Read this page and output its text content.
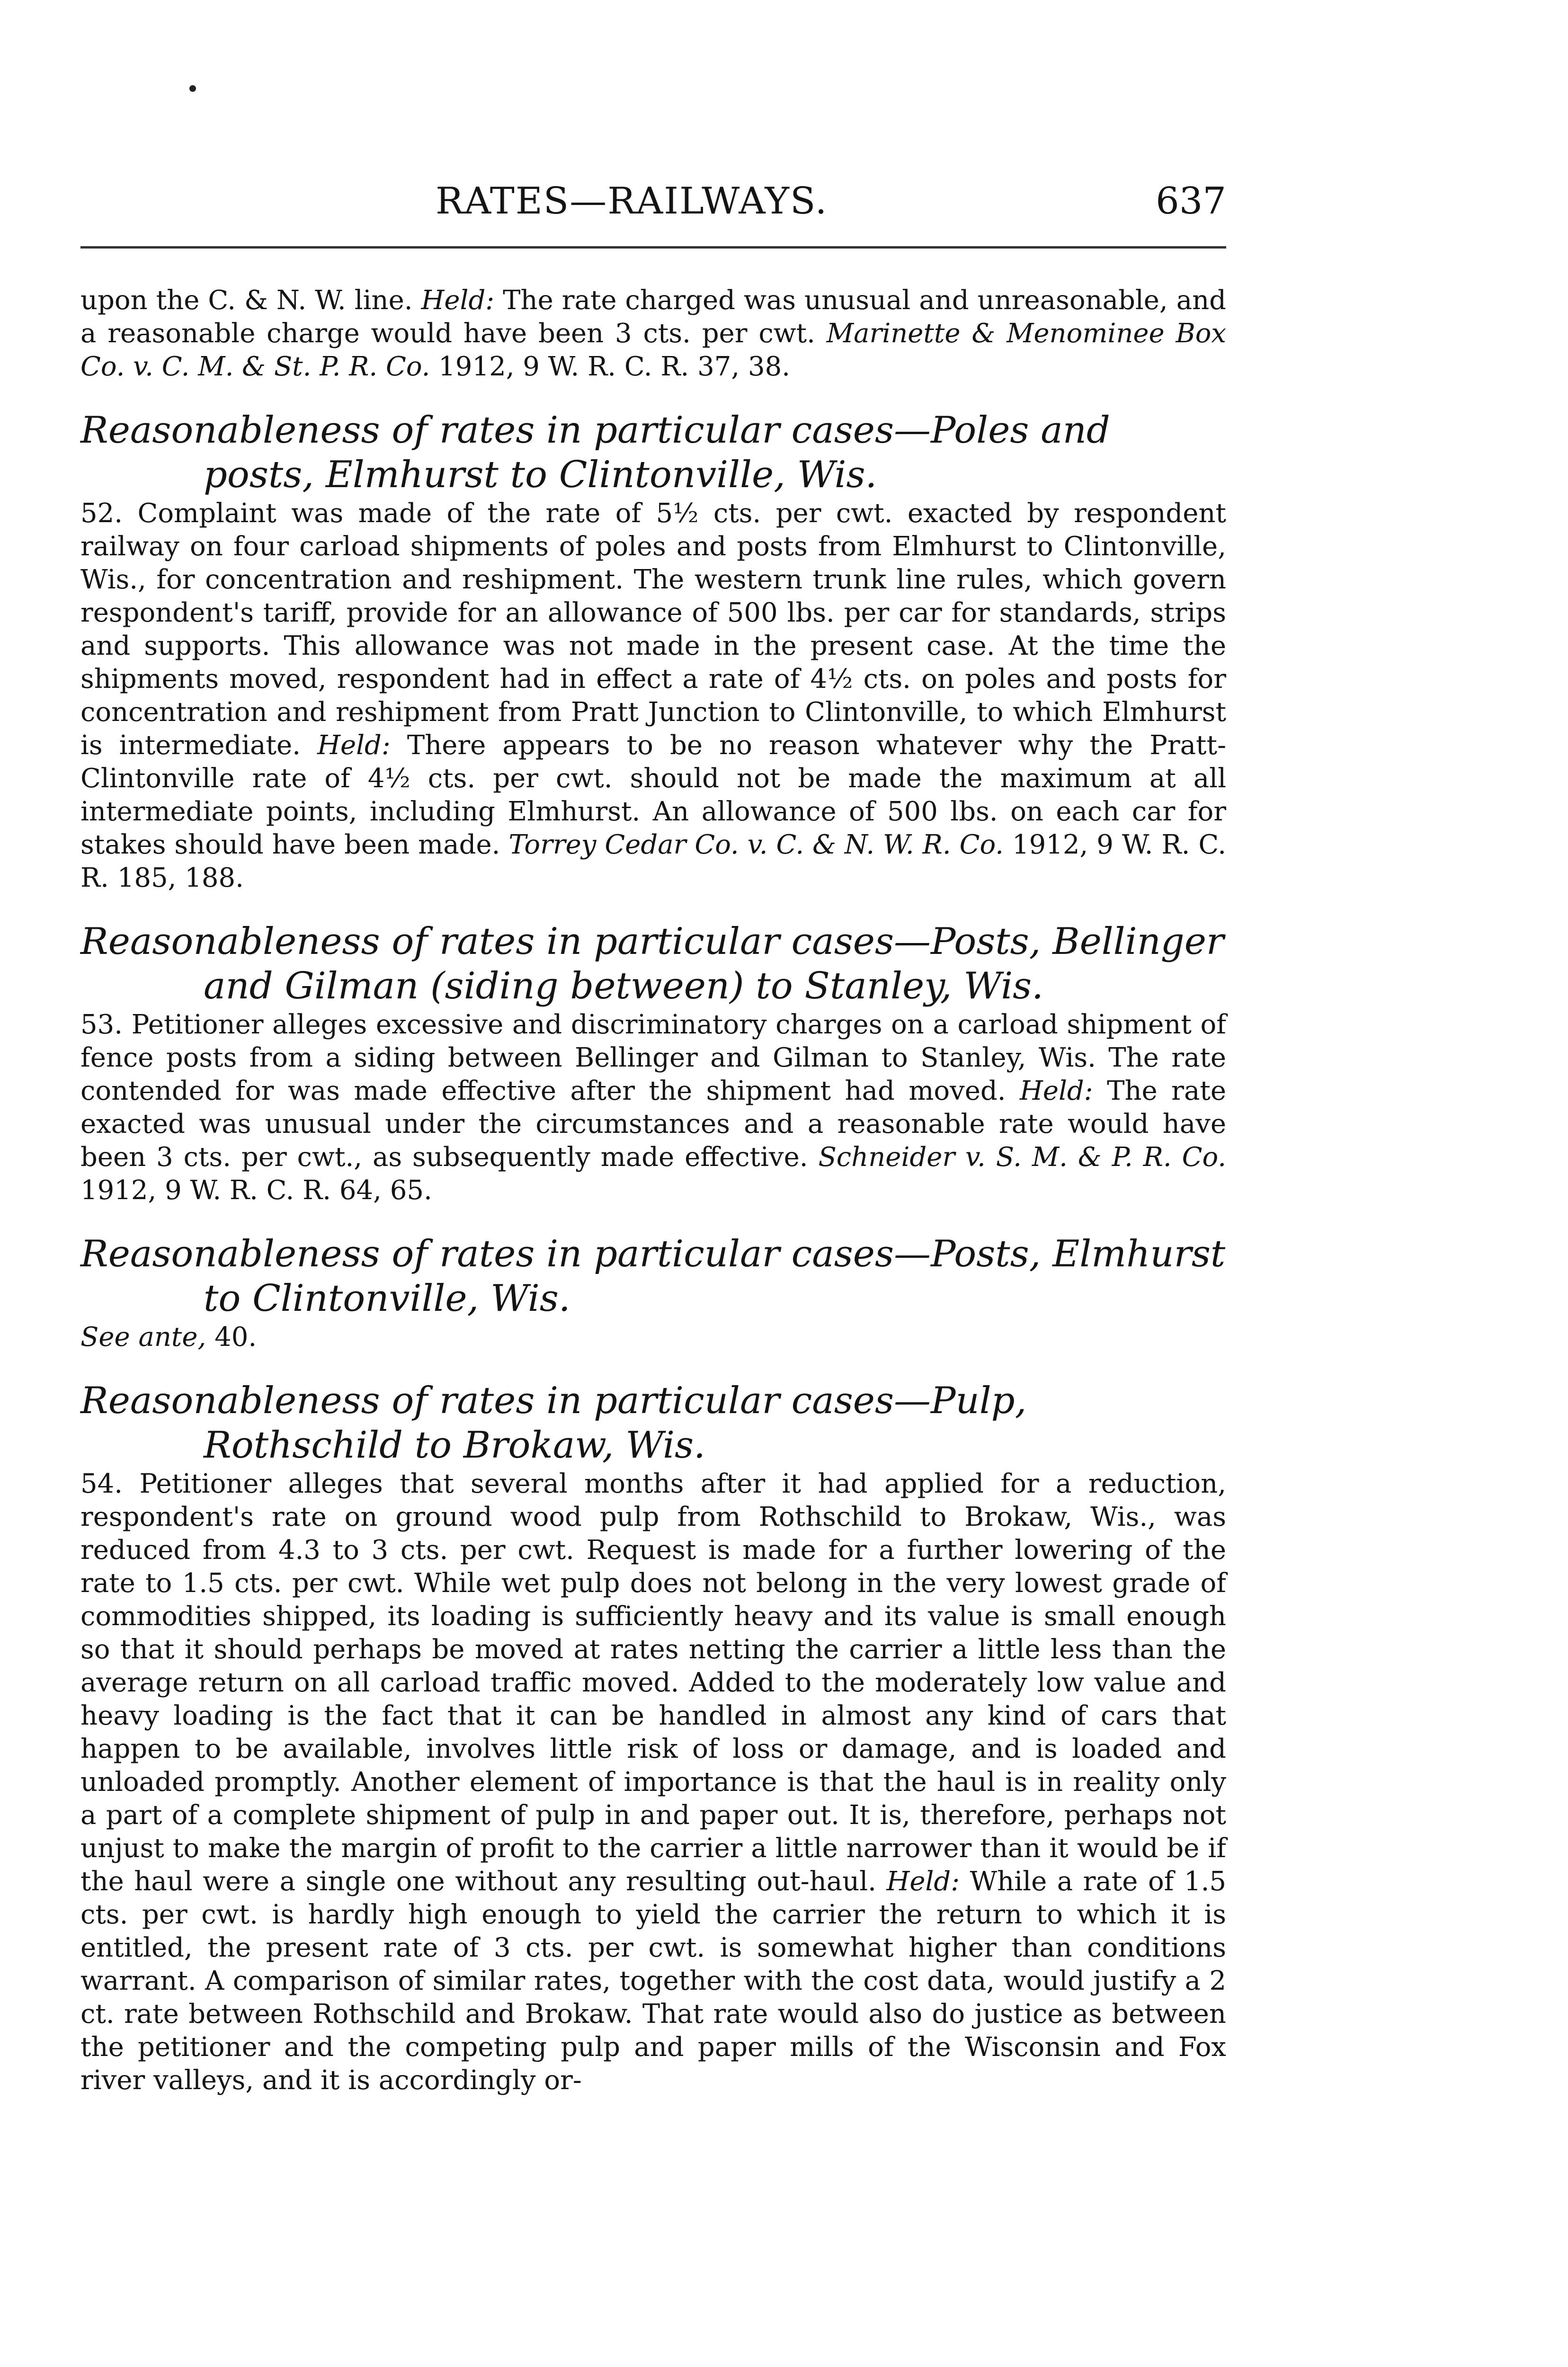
RATES—RAILWAYS.	637

upon the C. & N. W. line. Held: The rate charged was unusual and unreasonable, and a reasonable charge would have been 3 cts. per cwt. Marinette & Menominee Box Co. v. C. M. & St. P. R. Co. 1912, 9 W. R. C. R. 37, 38.

Reasonableness of rates in particular cases—Poles and posts, Elmhurst to Clintonville, Wis.

52. Complaint was made of the rate of 5½ cts. per cwt. exacted by respondent railway on four carload shipments of poles and posts from Elmhurst to Clintonville, Wis., for concentration and reshipment. The western trunk line rules, which govern respondent's tariff, provide for an allowance of 500 lbs. per car for standards, strips and supports. This allowance was not made in the present case. At the time the shipments moved, respondent had in effect a rate of 4½ cts. on poles and posts for concentration and reshipment from Pratt Junction to Clintonville, to which Elmhurst is intermediate. Held: There appears to be no reason whatever why the Pratt-Clintonville rate of 4½ cts. per cwt. should not be made the maximum at all intermediate points, including Elmhurst. An allowance of 500 lbs. on each car for stakes should have been made. Torrey Cedar Co. v. C. & N. W. R. Co. 1912, 9 W. R. C. R. 185, 188.

Reasonableness of rates in particular cases—Posts, Bellinger and Gilman (siding between) to Stanley, Wis.

53. Petitioner alleges excessive and discriminatory charges on a carload shipment of fence posts from a siding between Bellinger and Gilman to Stanley, Wis. The rate contended for was made effective after the shipment had moved. Held: The rate exacted was unusual under the circumstances and a reasonable rate would have been 3 cts. per cwt., as subsequently made effective. Schneider v. S. M. & P. R. Co. 1912, 9 W. R. C. R. 64, 65.

Reasonableness of rates in particular cases—Posts, Elmhurst to Clintonville, Wis.

See ante, 40.

Reasonableness of rates in particular cases—Pulp, Rothschild to Brokaw, Wis.

54. Petitioner alleges that several months after it had applied for a reduction, respondent's rate on ground wood pulp from Rothschild to Brokaw, Wis., was reduced from 4.3 to 3 cts. per cwt. Request is made for a further lowering of the rate to 1.5 cts. per cwt. While wet pulp does not belong in the very lowest grade of commodities shipped, its loading is sufficiently heavy and its value is small enough so that it should perhaps be moved at rates netting the carrier a little less than the average return on all carload traffic moved. Added to the moderately low value and heavy loading is the fact that it can be handled in almost any kind of cars that happen to be available, involves little risk of loss or damage, and is loaded and unloaded promptly. Another element of importance is that the haul is in reality only a part of a complete shipment of pulp in and paper out. It is, therefore, perhaps not unjust to make the margin of profit to the carrier a little narrower than it would be if the haul were a single one without any resulting out-haul. Held: While a rate of 1.5 cts. per cwt. is hardly high enough to yield the carrier the return to which it is entitled, the present rate of 3 cts. per cwt. is somewhat higher than conditions warrant. A comparison of similar rates, together with the cost data, would justify a 2 ct. rate between Rothschild and Brokaw. That rate would also do justice as between the petitioner and the competing pulp and paper mills of the Wisconsin and Fox river valleys, and it is accordingly or-
